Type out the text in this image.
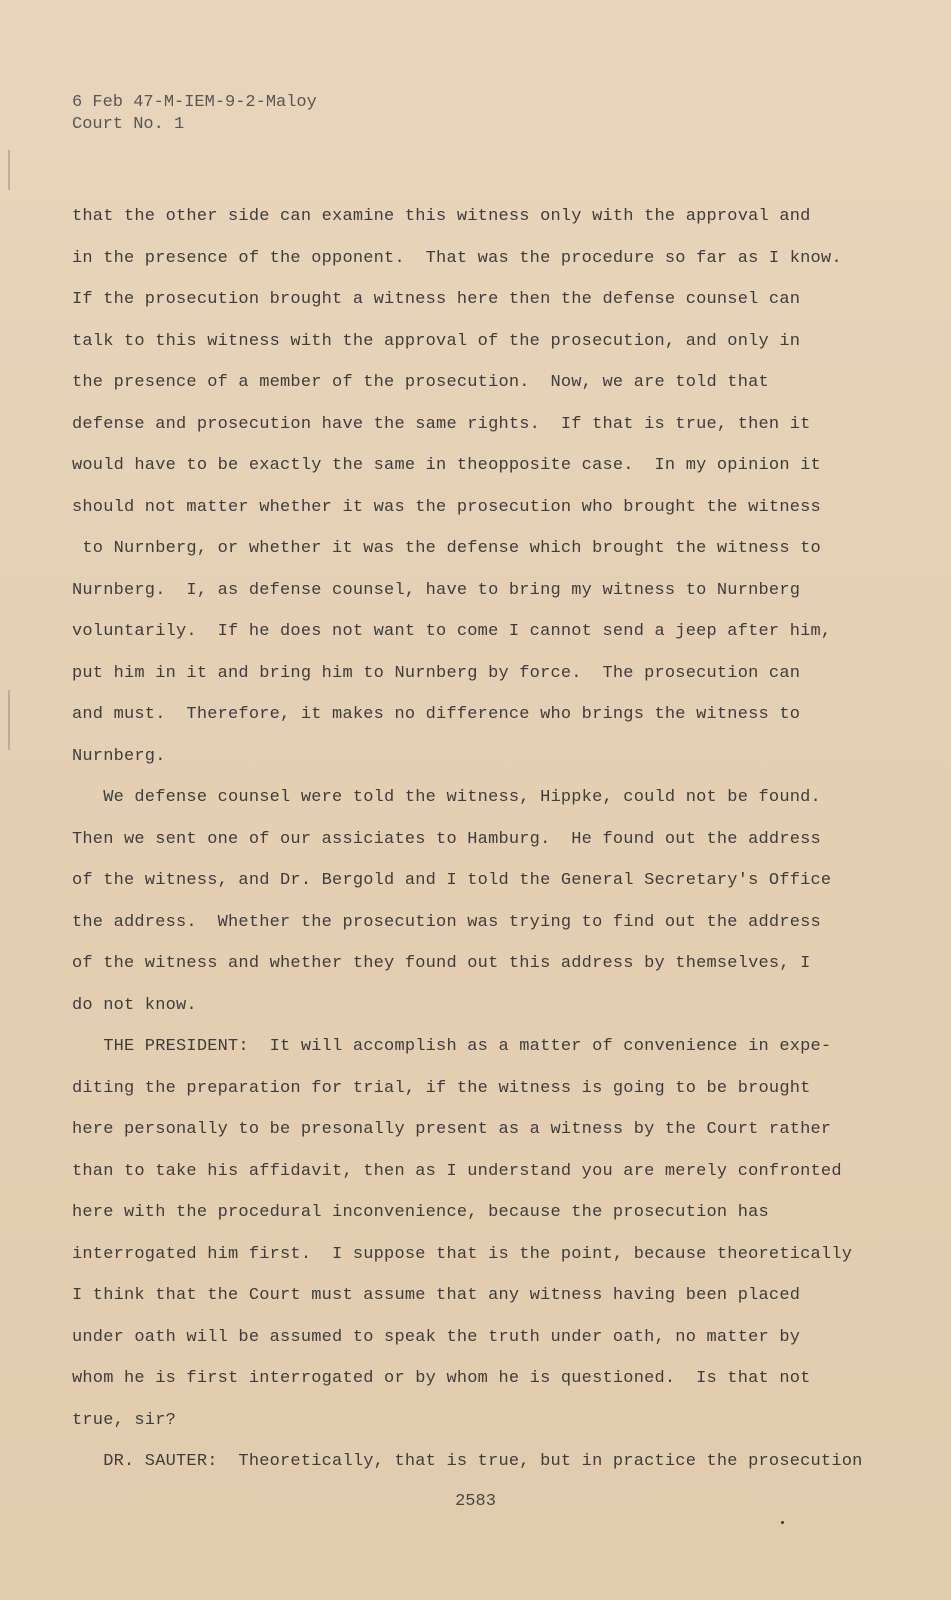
6 Feb 47-M-IEM-9-2-Maloy
Court No. 1
that the other side can examine this witness only with the approval and
in the presence of the opponent.  That was the procedure so far as I know.
If the prosecution brought a witness here then the defense counsel can
talk to this witness with the approval of the prosecution, and only in
the presence of a member of the prosecution.  Now, we are told that
defense and prosecution have the same rights.  If that is true, then it
would have to be exactly the same in theopposite case.  In my opinion it
should not matter whether it was the prosecution who brought the witness
to Nurnberg, or whether it was the defense which brought the witness to
Nurnberg.  I, as defense counsel, have to bring my witness to Nurnberg
voluntarily.  If he does not want to come I cannot send a jeep after him,
put him in it and bring him to Nurnberg by force.  The prosecution can
and must.  Therefore, it makes no difference who brings the witness to
Nurnberg.
We defense counsel were told the witness, Hippke, could not be found.
Then we sent one of our assiciates to Hamburg.  He found out the address
of the witness, and Dr. Bergold and I told the General Secretary's Office
the address.  Whether the prosecution was trying to find out the address
of the witness and whether they found out this address by themselves, I
do not know.
THE PRESIDENT:  It will accomplish as a matter of convenience in expe-
diting the preparation for trial, if the witness is going to be brought
here personally to be presonally present as a witness by the Court rather
than to take his affidavit, then as I understand you are merely confronted
here with the procedural inconvenience, because the prosecution has
interrogated him first.  I suppose that is the point, because theoretically
I think that the Court must assume that any witness having been placed
under oath will be assumed to speak the truth under oath, no matter by
whom he is first interrogated or by whom he is questioned.  Is that not
true, sir?
DR. SAUTER:  Theoretically, that is true, but in practice the prosecution
2583
